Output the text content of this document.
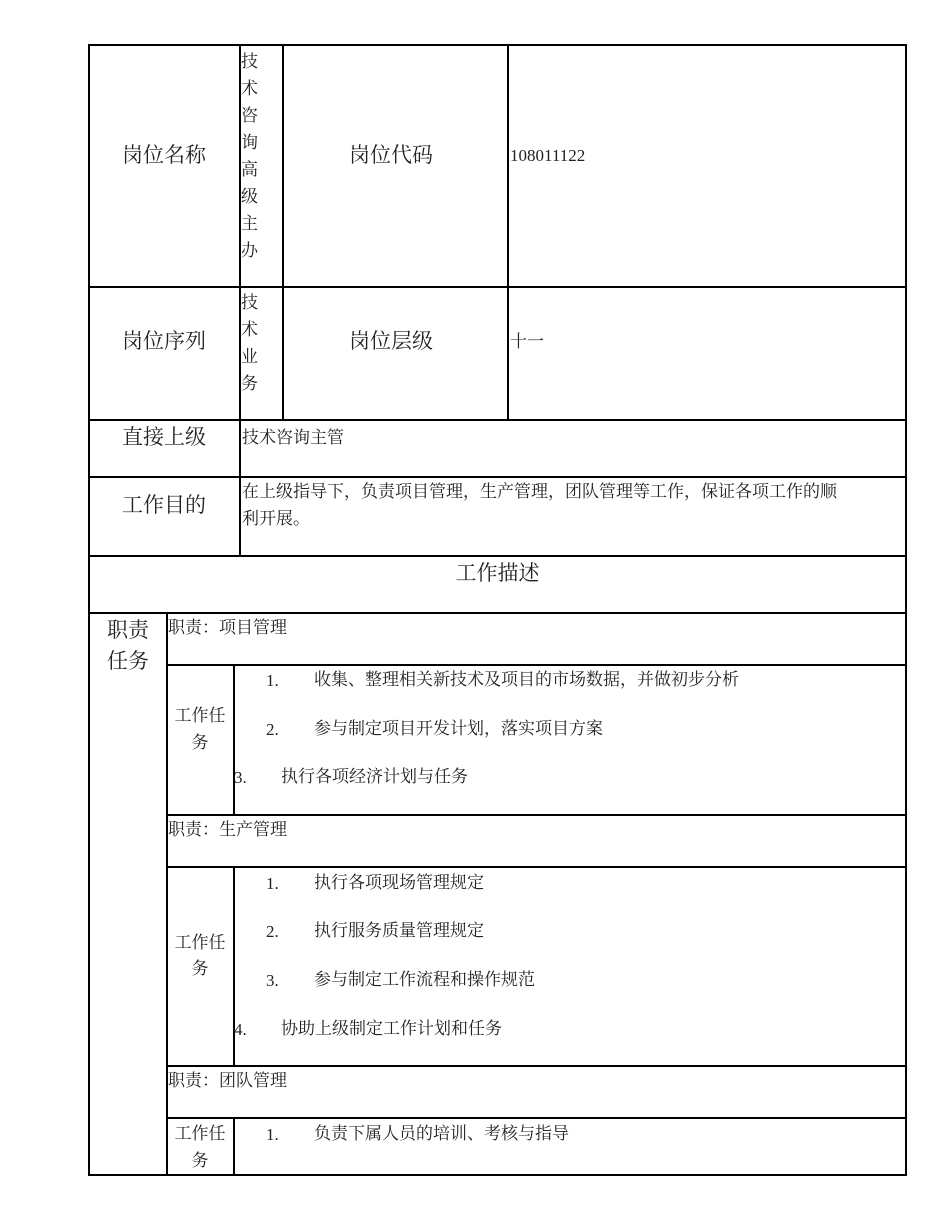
岗位名称
技术咨询高级主办
岗位代码	108011122
岗位序列
技术业务
岗位层级	十一
直接上级 技术咨询主管
工作目的
在上级指导下，负责项目管理，生产管理，团队管理等工作，保证各项工作的顺
利开展。
工作描述
职责
任务
职责：项目管理
工作任
务
1. 收集、整理相关新技术及项目的市场数据，并做初步分析
2. 参与制定项目开发计划，落实项目方案
3. 执行各项经济计划与任务
职责：生产管理
工作任
务
1. 执行各项现场管理规定
2. 执行服务质量管理规定
3. 参与制定工作流程和操作规范
4. 协助上级制定工作计划和任务
职责：团队管理
工作任
务
1. 负责下属人员的培训、考核与指导
